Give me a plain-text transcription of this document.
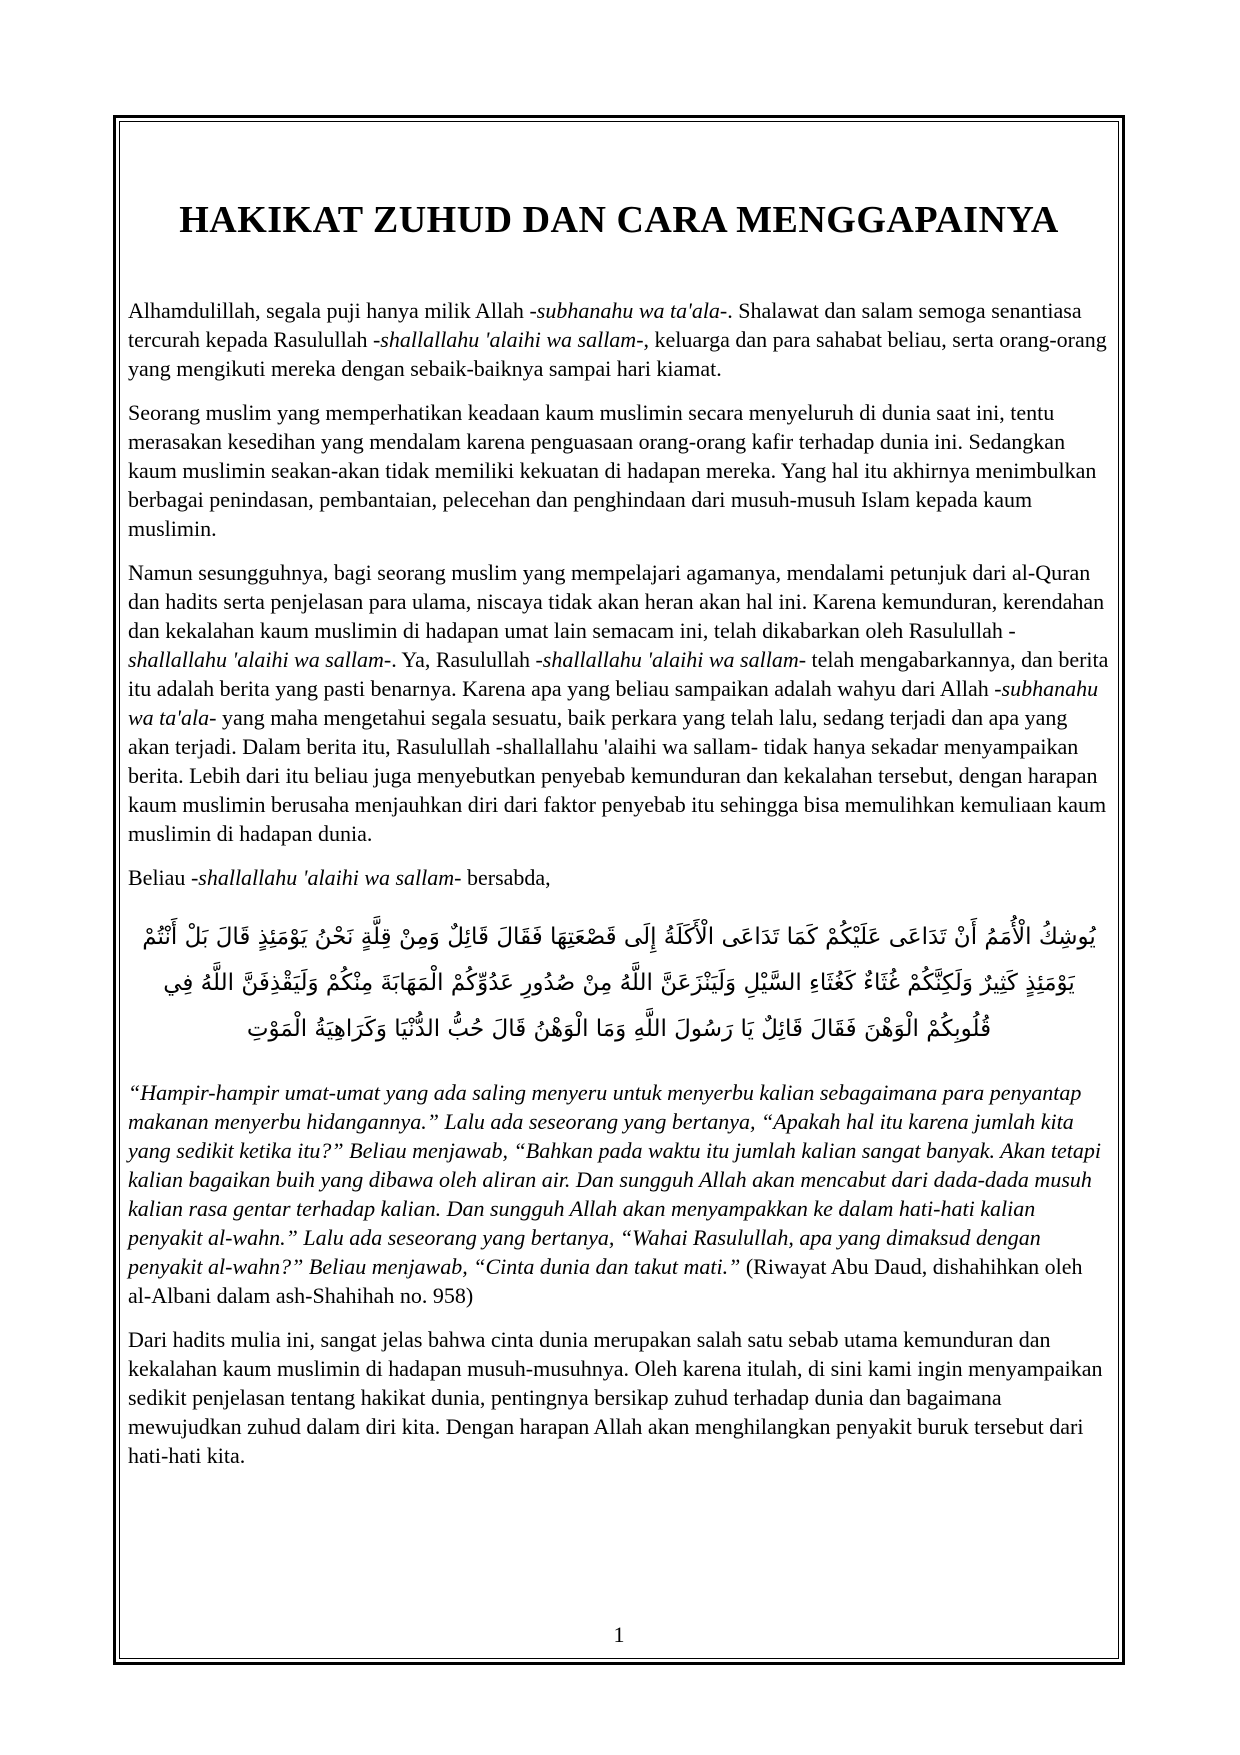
HAKIKAT ZUHUD DAN CARA MENGGAPAINYA

Alhamdulillah, segala puji hanya milik Allah -subhanahu wa ta'ala-. Shalawat dan salam semoga senantiasa tercurah kepada Rasulullah -shallallahu 'alaihi wa sallam-, keluarga dan para sahabat beliau, serta orang-orang yang mengikuti mereka dengan sebaik-baiknya sampai hari kiamat.

Seorang muslim yang memperhatikan keadaan kaum muslimin secara menyeluruh di dunia saat ini, tentu merasakan kesedihan yang mendalam karena penguasaan orang-orang kafir terhadap dunia ini. Sedangkan kaum muslimin seakan-akan tidak memiliki kekuatan di hadapan mereka. Yang hal itu akhirnya menimbulkan berbagai penindasan, pembantaian, pelecehan dan penghindaan dari musuh-musuh Islam kepada kaum muslimin.

Namun sesungguhnya, bagi seorang muslim yang mempelajari agamanya, mendalami petunjuk dari al-Quran dan hadits serta penjelasan para ulama, niscaya tidak akan heran akan hal ini. Karena kemunduran, kerendahan dan kekalahan kaum muslimin di hadapan umat lain semacam ini, telah dikabarkan oleh Rasulullah -shallallahu 'alaihi wa sallam-. Ya, Rasulullah -shallallahu 'alaihi wa sallam- telah mengabarkannya, dan berita itu adalah berita yang pasti benarnya. Karena apa yang beliau sampaikan adalah wahyu dari Allah -subhanahu wa ta'ala- yang maha mengetahui segala sesuatu, baik perkara yang telah lalu, sedang terjadi dan apa yang akan terjadi. Dalam berita itu, Rasulullah -shallallahu 'alaihi wa sallam- tidak hanya sekadar menyampaikan berita. Lebih dari itu beliau juga menyebutkan penyebab kemunduran dan kekalahan tersebut, dengan harapan kaum muslimin berusaha menjauhkan diri dari faktor penyebab itu sehingga bisa memulihkan kemuliaan kaum muslimin di hadapan dunia.

Beliau -shallallahu 'alaihi wa sallam- bersabda,

يُوشِكُ الْأُمَمُ أَنْ تَدَاعَى عَلَيْكُمْ كَمَا تَدَاعَى الْأَكَلَةُ إِلَى قَصْعَتِهَا فَقَالَ قَائِلٌ وَمِنْ قِلَّةٍ نَحْنُ يَوْمَئِذٍ قَالَ بَلْ أَنْتُمْ يَوْمَئِذٍ كَثِيرٌ وَلَكِنَّكُمْ غُثَاءٌ كَغُثَاءِ السَّيْلِ وَلَيَنْزَعَنَّ اللَّهُ مِنْ صُدُورِ عَدُوِّكُمْ الْمَهَابَةَ مِنْكُمْ وَلَيَقْذِفَنَّ اللَّهُ فِي قُلُوبِكُمْ الْوَهْنَ فَقَالَ قَائِلٌ يَا رَسُولَ اللَّهِ وَمَا الْوَهْنُ قَالَ حُبُّ الدُّنْيَا وَكَرَاهِيَةُ الْمَوْتِ

“Hampir-hampir umat-umat yang ada saling menyeru untuk menyerbu kalian sebagaimana para penyantap makanan menyerbu hidangannya.” Lalu ada seseorang yang bertanya, “Apakah hal itu karena jumlah kita yang sedikit ketika itu?” Beliau menjawab, “Bahkan pada waktu itu jumlah kalian sangat banyak. Akan tetapi kalian bagaikan buih yang dibawa oleh aliran air. Dan sungguh Allah akan mencabut dari dada-dada musuh kalian rasa gentar terhadap kalian. Dan sungguh Allah akan menyampakkan ke dalam hati-hati kalian penyakit al-wahn.” Lalu ada seseorang yang bertanya, “Wahai Rasulullah, apa yang dimaksud dengan penyakit al-wahn?” Beliau menjawab, “Cinta dunia dan takut mati.” (Riwayat Abu Daud, dishahihkan oleh al-Albani dalam ash-Shahihah no. 958)

Dari hadits mulia ini, sangat jelas bahwa cinta dunia merupakan salah satu sebab utama kemunduran dan kekalahan kaum muslimin di hadapan musuh-musuhnya. Oleh karena itulah, di sini kami ingin menyampaikan sedikit penjelasan tentang hakikat dunia, pentingnya bersikap zuhud terhadap dunia dan bagaimana mewujudkan zuhud dalam diri kita. Dengan harapan Allah akan menghilangkan penyakit buruk tersebut dari hati-hati kita.

1
